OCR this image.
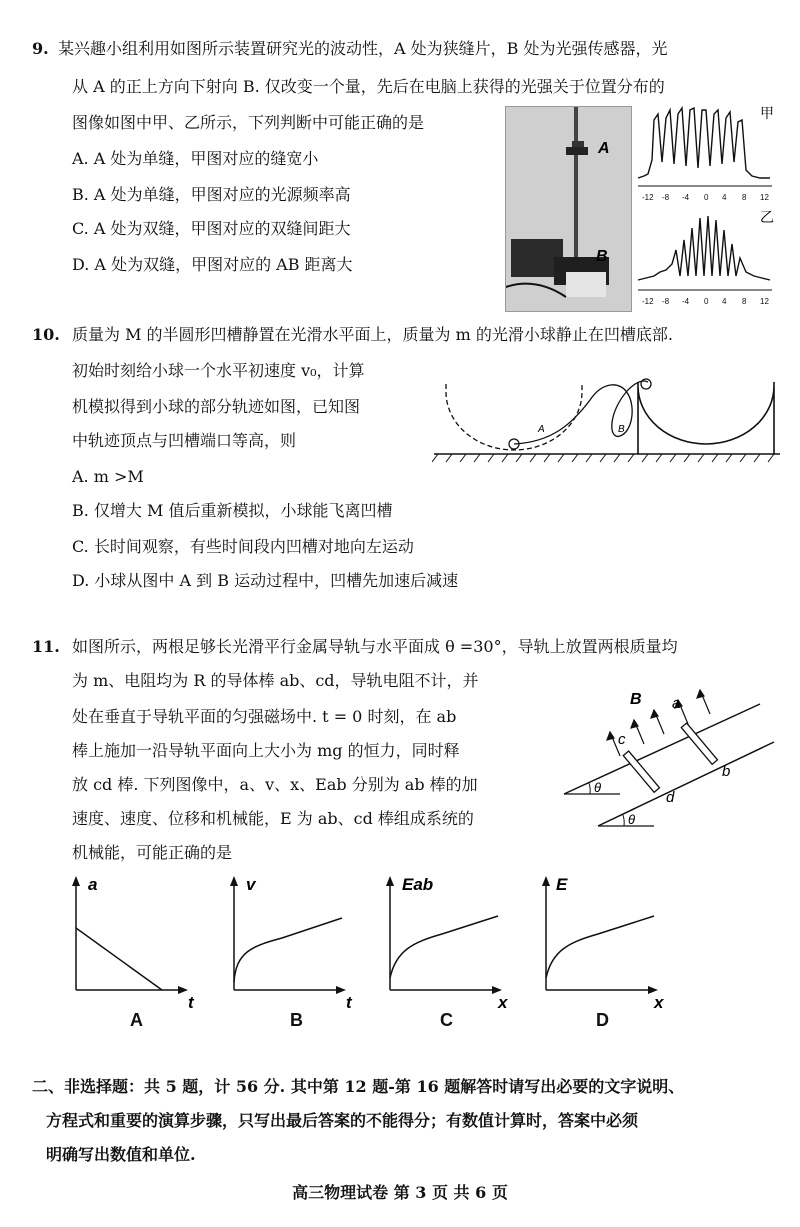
9. 某兴趣小组利用如图所示装置研究光的波动性，A 处为狭缝片，B 处为光强传感器，光
从 A 的正上方向下射向 B. 仅改变一个量，先后在电脑上获得的光强关于位置分布的
图像如图中甲、乙所示，下列判断中可能正确的是
A. A 处为单缝，甲图对应的缝宽小
B. A 处为单缝，甲图对应的光源频率高
C. A 处为双缝，甲图对应的双缝间距大
D. A 处为双缝，甲图对应的 AB 距离大
A
B
甲
-12 -8 -4 0 4 8 12
乙
-12 -8 -4 0 4 8 12
10. 质量为 M 的半圆形凹槽静置在光滑水平面上，质量为 m 的光滑小球静止在凹槽底部.
初始时刻给小球一个水平初速度 v₀，计算
机模拟得到小球的部分轨迹如图，已知图
中轨迹顶点与凹槽端口等高，则
A. m >M
B. 仅增大 M 值后重新模拟，小球能飞离凹槽
C. 长时间观察，有些时间段内凹槽对地向左运动
D. 小球从图中 A 到 B 运动过程中，凹槽先加速后减速
A	B
11. 如图所示，两根足够长光滑平行金属导轨与水平面成 θ =30°，导轨上放置两根质量均
为 m、电阻均为 R 的导体棒 ab、cd，导轨电阻不计，并
处在垂直于导轨平面的匀强磁场中. t = 0 时刻，在 ab
棒上施加一沿导轨平面向上大小为 mg 的恒力，同时释
放 cd 棒. 下列图像中，a、v、x、Eab 分别为 ab 棒的加
速度、速度、位移和机械能，E 为 ab、cd 棒组成系统的
机械能，可能正确的是
θ
θ
B a
c
b
d
a
t
A
v
t
B
Eab
x
C
E
x
D
二、非选择题：共 5 题，计 56 分. 其中第 12 题-第 16 题解答时请写出必要的文字说明、
方程式和重要的演算步骤，只写出最后答案的不能得分；有数值计算时，答案中必须
明确写出数值和单位.
高三物理试卷 第 3 页 共 6 页
